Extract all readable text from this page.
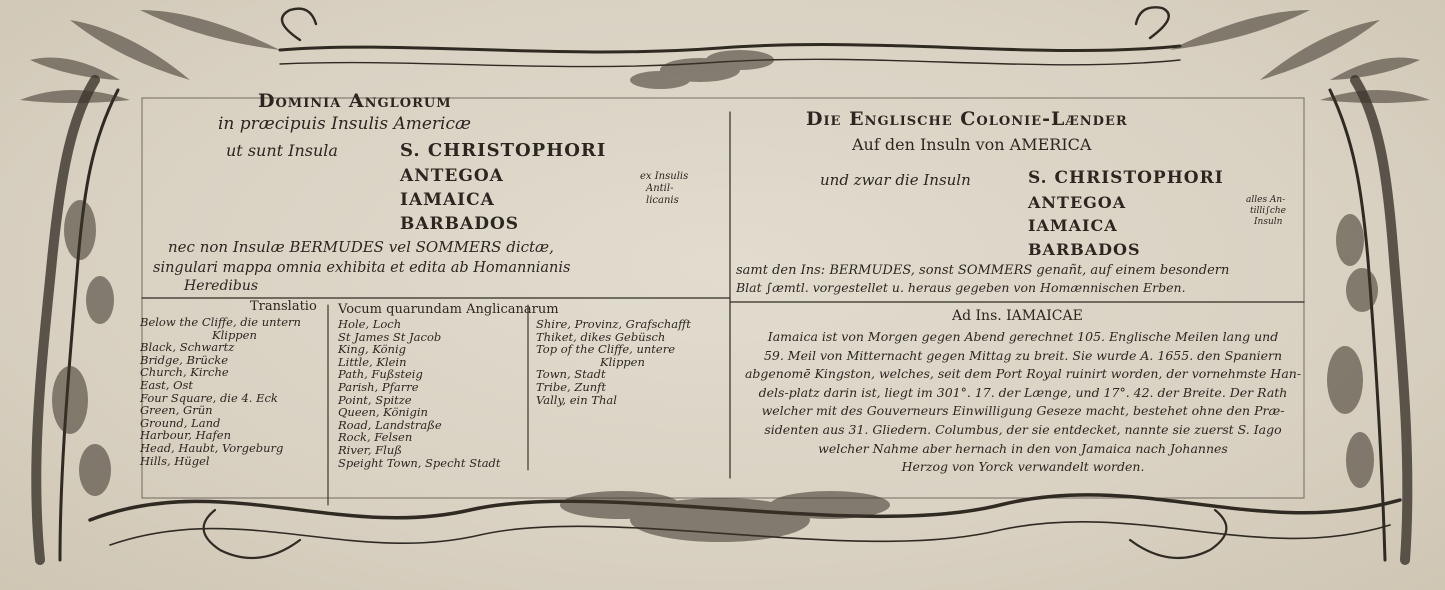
Dominia Anglorum
in præcipuis Insulis Americæ
ut sunt Insula	S. CHRISTOPHORI
ANTEGOA
IAMAICA
BARBADOS
ex Insulis
Antil-
licanis
nec non Insulæ BERMUDES vel SOMMERS dictæ,
singulari mappa omnia exhibita et edita ab Homannianis
Heredibus
Die Englische Colonie-Lænder
Auf den Insuln von AMERICA
und zwar die Insuln	S. CHRISTOPHORI
ANTEGOA
IAMAICA
BARBADOS
alles An-
tilli∫che
Insuln
samt den Ins: BERMUDES, sonst SOMMERS genañt, auf einem besondern
Blat ∫æmtl. vorgestellet u. heraus gegeben von Homænnischen Erben.
Translatio Vocum quarundam Anglicanarum
Below the Cliffe, die untern
Klippen
Black, Schwartz
Bridge, Brücke
Church, Kirche
East, Ost
Four Square, die 4. Eck
Green, Grün
Ground, Land
Harbour, Hafen
Head, Haubt, Vorgeburg
Hills, Hügel
Hole, Loch
St James St Jacob
King, König
Little, Klein
Path, Fußsteig
Parish, Pfarre
Point, Spitze
Queen, Königin
Road, Landstraße
Rock, Felsen
River, Fluß
Speight Town, Specht Stadt
Shire, Provinz, Grafschafft
Thiket, dikes Gebüsch
Top of the Cliffe, untere
Klippen
Town, Stadt
Tribe, Zunft
Vally, ein Thal
Ad Ins. IAMAICAE
Iamaica ist von Morgen gegen Abend gerechnet 105. Englische Meilen lang und
59. Meil von Mitternacht gegen Mittag zu breit. Sie wurde A. 1655. den Spaniern
abgenomē Kingston, welches, seit dem Port Royal ruinirt worden, der vornehmste Han-
dels-platz darin ist, liegt im 301°. 17. der Længe, und 17°. 42. der Breite. Der Rath
welcher mit des Gouverneurs Einwilligung Geseze macht, bestehet ohne den Præ-
sidenten aus 31. Gliedern. Columbus, der sie entdecket, nannte sie zuerst S. Iago
welcher Nahme aber hernach in den von Jamaica nach Johannes
Herzog von Yorck verwandelt worden.
